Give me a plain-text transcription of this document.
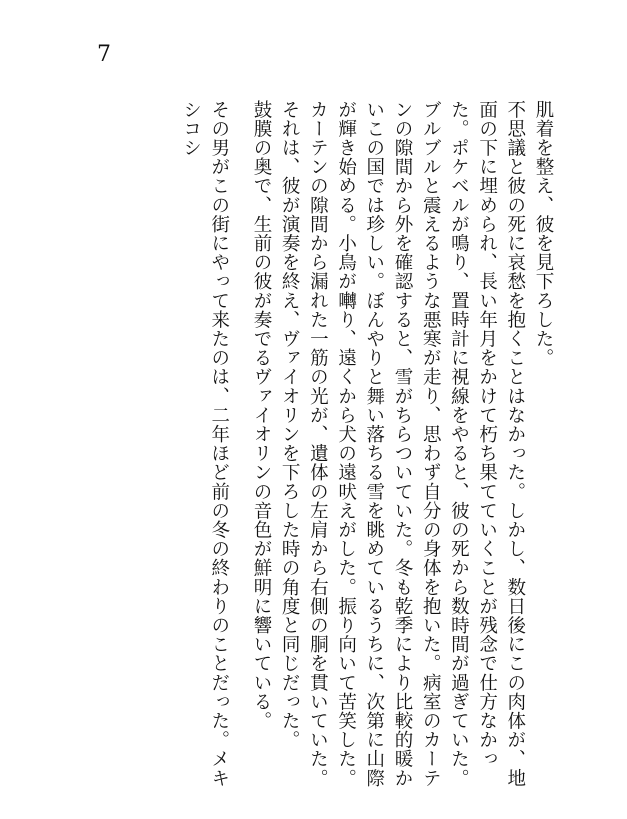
7

肌着を整え、彼を見下ろした。

不思議と彼の死に哀愁を抱くことはなかった。しかし、数日後にこの肉体が、地面の下に埋められ、長い年月をかけて朽ち果てていくことが残念で仕方なかった。ポケベルが鳴り、置時計に視線をやると、彼の死から数時間が過ぎていた。ブルブルと震えるような悪寒が走り、思わず自分の身体を抱いた。病室のカーテンの隙間から外を確認すると、雪がちらついていた。冬も乾季により比較的暖かいこの国では珍しい。ぼんやりと舞い落ちる雪を眺めているうちに、次第に山際が輝き始める。小鳥が囀り、遠くから犬の遠吠えがした。振り向いて苦笑した。カーテンの隙間から漏れた一筋の光が、遺体の左肩から右側の胴を貫いていた。それは、彼が演奏を終え、ヴァイオリンを下ろした時の角度と同じだった。

鼓膜の奥で、生前の彼が奏でるヴァイオリンの音色が鮮明に響いている。

その男がこの街にやって来たのは、二年ほど前の冬の終わりのことだった。メキシコシ
